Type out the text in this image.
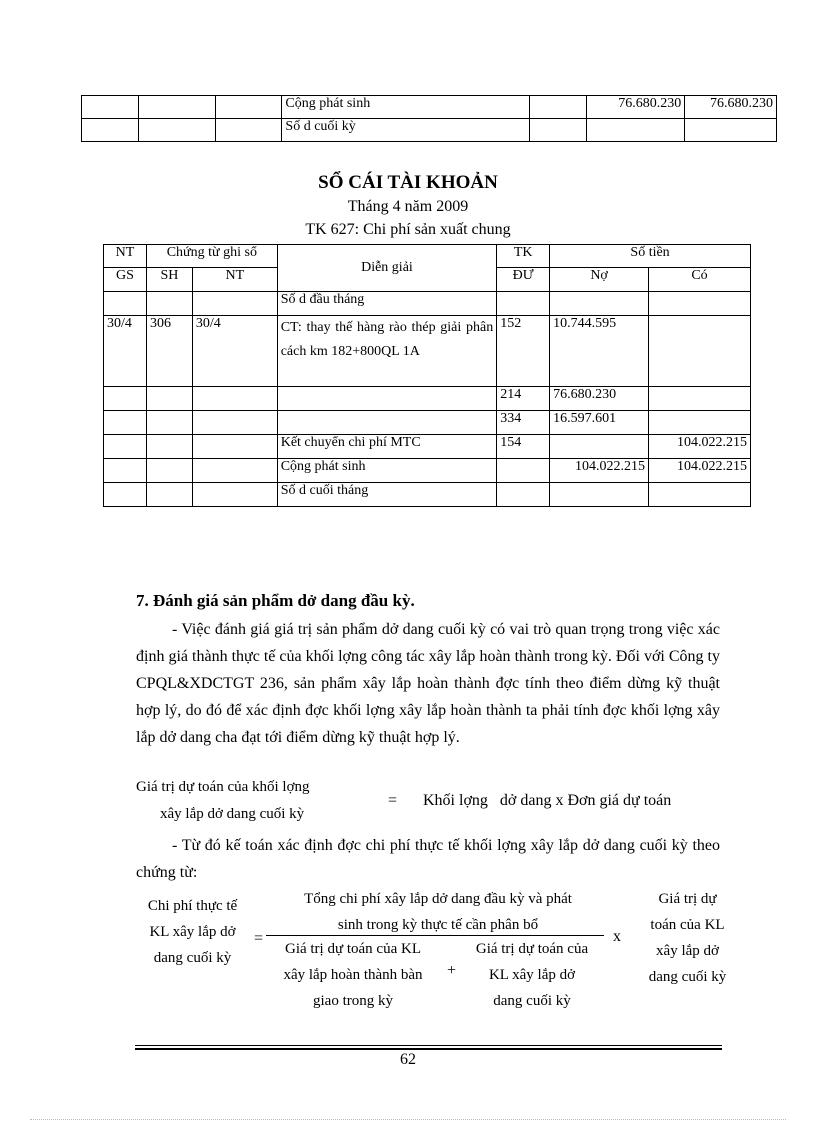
			Cộng phát sinh		76.680.230	76.680.230
			Số d cuối kỳ			
SỔ CÁI TÀI KHOẢN
Tháng 4 năm 2009
TK 627: Chi phí sản xuất chung
NT	Chứng từ ghi sổ		Diễn giải	TK	Số tiền	
GS	SH	NT		ĐƯ	Nợ	Có
			Số d đầu tháng			
30/4	306	30/4	CT: thay thế hàng rào thép giải phân cách km 182+800QL 1A	152	10.744.595	
				214	76.680.230	
				334	16.597.601	
			Kết chuyển chi phí MTC	154		104.022.215
			Cộng phát sinh		104.022.215	104.022.215
			Số d cuối tháng			
7. Đánh giá sản phẩm dở dang đầu kỳ.
- Việc đánh giá giá trị sản phẩm dở dang cuối kỳ có vai trò quan trọng trong việc xác định giá thành thực tế của khối lợng công tác xây lắp hoàn thành trong kỳ. Đối với Công ty CPQL&XDCTGT 236, sản phẩm xây lắp hoàn thành đợc tính theo điểm dừng kỹ thuật hợp lý, do đó để xác định đợc khối lợng xây lắp hoàn thành ta phải tính đợc khối lợng xây lắp dở dang cha đạt tới điểm dừng kỹ thuật hợp lý.
Giá trị dự toán của khối lợng
xây lắp dở dang cuối kỳ
= Khối lợng   dở dang x Đơn giá dự toán
- Từ đó kế toán xác định đợc chi phí thực tế khối lợng xây lắp dở dang cuối kỳ theo chứng từ:
Chi phí thực tế
KL xây lắp dở
dang cuối kỳ
=
Tổng chi phí xây lắp dở dang đầu kỳ và phát
sinh trong kỳ thực tế cần phân bổ
Giá trị dự toán của KL
xây lắp hoàn thành bàn
giao trong kỳ
+
Giá trị dự toán của
KL xây lắp dở
dang cuối kỳ
x
Giá trị dự
toán của KL
xây lắp dở
dang cuối kỳ
62
